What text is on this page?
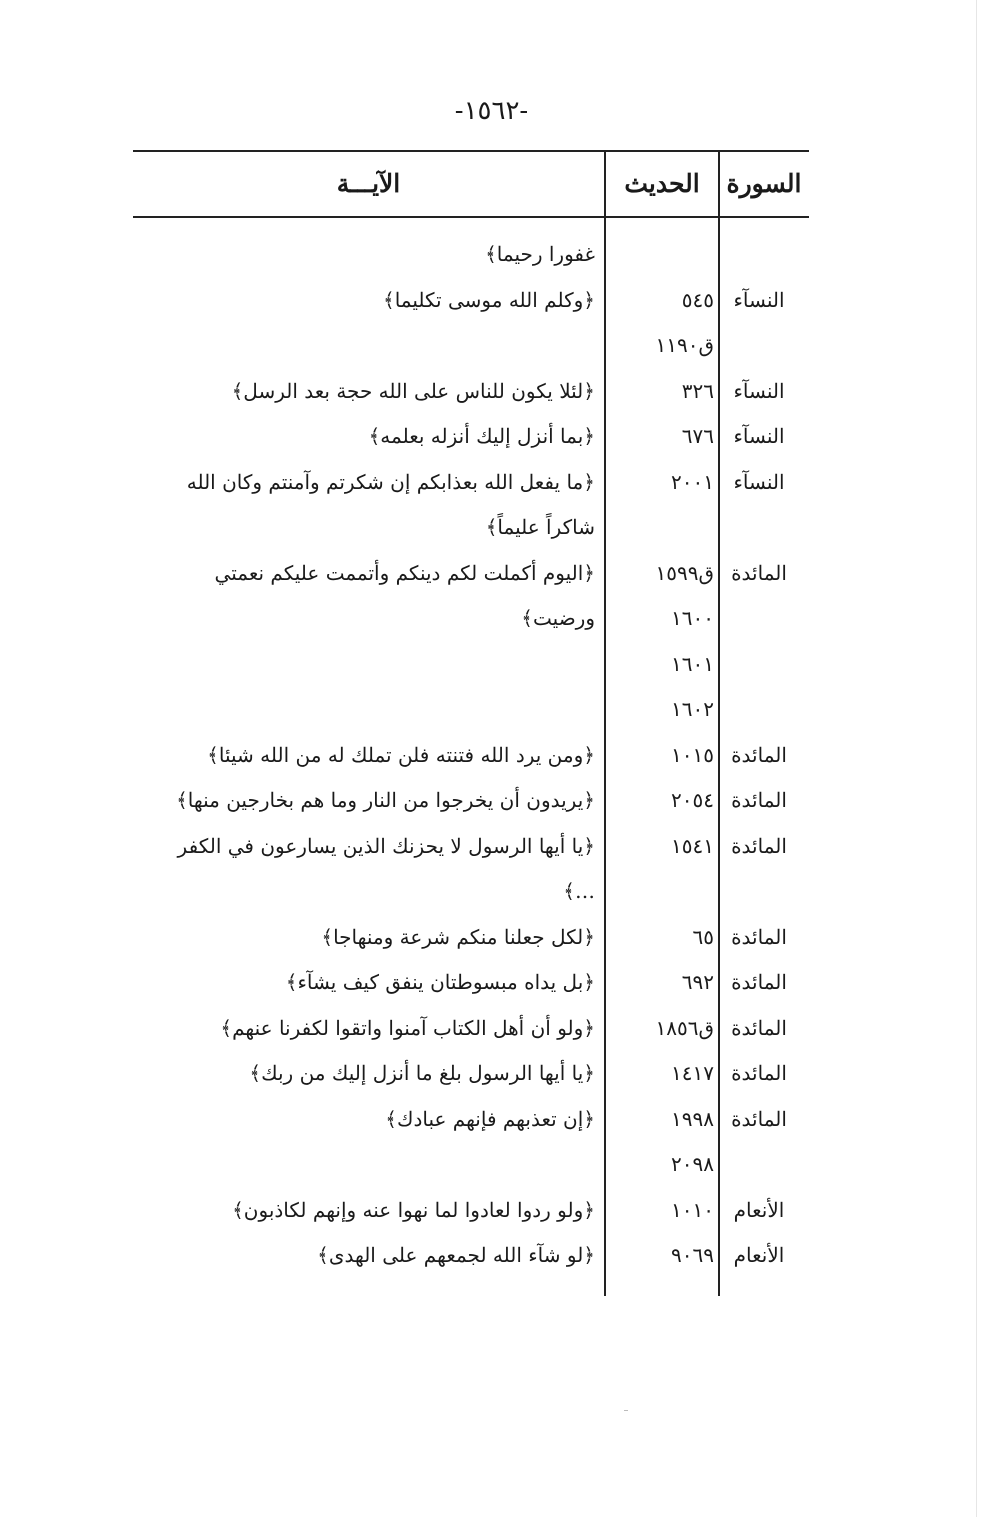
-١٥٦٢-
السورة
الحديث
الآيـــة
غفورا رحيما﴾
النسآء
٥٤٥
﴿وكلم الله موسى تكليما﴾
ق١١٩٠
النسآء
٣٢٦
﴿لئلا يكون للناس على الله حجة بعد الرسل﴾
النسآء
٦٧٦
﴿بما أنزل إليك أنزله بعلمه﴾
النسآء
٢٠٠١
﴿ما يفعل الله بعذابكم إن شكرتم وآمنتم وكان الله
شاكراً عليماً﴾
المائدة
ق١٥٩٩
﴿اليوم أكملت لكم دينكم وأتممت عليكم نعمتي
١٦٠٠
ورضيت﴾
١٦٠١
١٦٠٢
المائدة
١٠١٥
﴿ومن يرد الله فتنته فلن تملك له من الله شيئا﴾
المائدة
٢٠٥٤
﴿يريدون أن يخرجوا من النار وما هم بخارجين منها﴾
المائدة
١٥٤١
﴿يا أيها الرسول لا يحزنك الذين يسارعون في الكفر
…﴾
المائدة
٦٥
﴿لكل جعلنا منكم شرعة ومنهاجا﴾
المائدة
٦٩٢
﴿بل يداه مبسوطتان ينفق كيف يشآء﴾
المائدة
ق١٨٥٦
﴿ولو أن أهل الكتاب آمنوا واتقوا لكفرنا عنهم﴾
المائدة
١٤١٧
﴿يا أيها الرسول بلغ ما أنزل إليك من ربك﴾
المائدة
١٩٩٨
﴿إن تعذبهم فإنهم عبادك﴾
٢٠٩٨
الأنعام
١٠١٠
﴿ولو ردوا لعادوا لما نهوا عنه وإنهم لكاذبون﴾
الأنعام
٩٠٦٩
﴿لو شآء الله لجمعهم على الهدى﴾
